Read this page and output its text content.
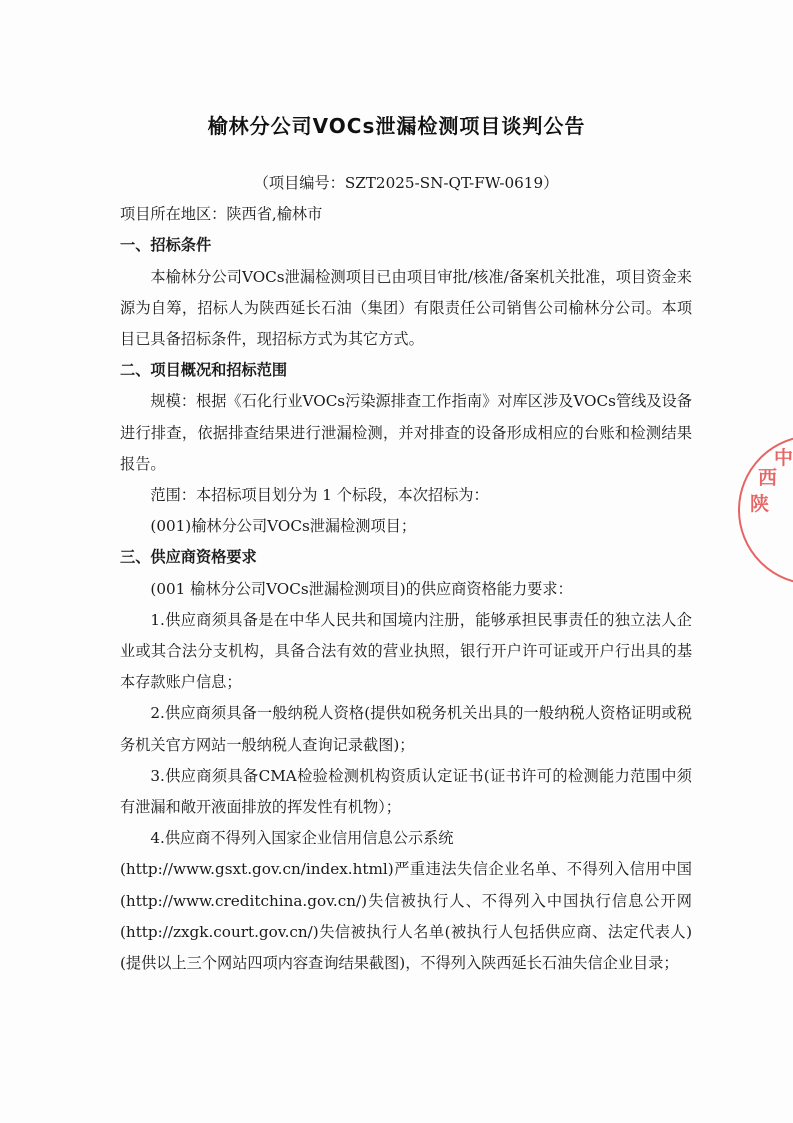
榆林分公司VOCs泄漏检测项目谈判公告

（项目编号：SZT2025-SN-QT-FW-0619）

项目所在地区：陕西省,榆林市

一、招标条件

本榆林分公司VOCs泄漏检测项目已由项目审批/核准/备案机关批准，项目资金来源为自筹，招标人为陕西延长石油（集团）有限责任公司销售公司榆林分公司。本项目已具备招标条件，现招标方式为其它方式。

二、项目概况和招标范围

规模：根据《石化行业VOCs污染源排查工作指南》对库区涉及VOCs管线及设备进行排查，依据排查结果进行泄漏检测，并对排查的设备形成相应的台账和检测结果报告。

范围：本招标项目划分为 1 个标段，本次招标为：

(001)榆林分公司VOCs泄漏检测项目；

三、供应商资格要求

(001 榆林分公司VOCs泄漏检测项目)的供应商资格能力要求：

1.供应商须具备是在中华人民共和国境内注册，能够承担民事责任的独立法人企业或其合法分支机构，具备合法有效的营业执照，银行开户许可证或开户行出具的基本存款账户信息；

2.供应商须具备一般纳税人资格(提供如税务机关出具的一般纳税人资格证明或税务机关官方网站一般纳税人查询记录截图)；

3.供应商须具备CMA检验检测机构资质认定证书(证书许可的检测能力范围中须有泄漏和敞开液面排放的挥发性有机物）；

4.供应商不得列入国家企业信用信息公示系统

(http://www.gsxt.gov.cn/index.html)严重违法失信企业名单、不得列入信用中国(http://www.creditchina.gov.cn/)失信被执行人、不得列入中国执行信息公开网(http://zxgk.court.gov.cn/)失信被执行人名单(被执行人包括供应商、法定代表人)(提供以上三个网站四项内容查询结果截图)，不得列入陕西延长石油失信企业目录；

陕
西
中
